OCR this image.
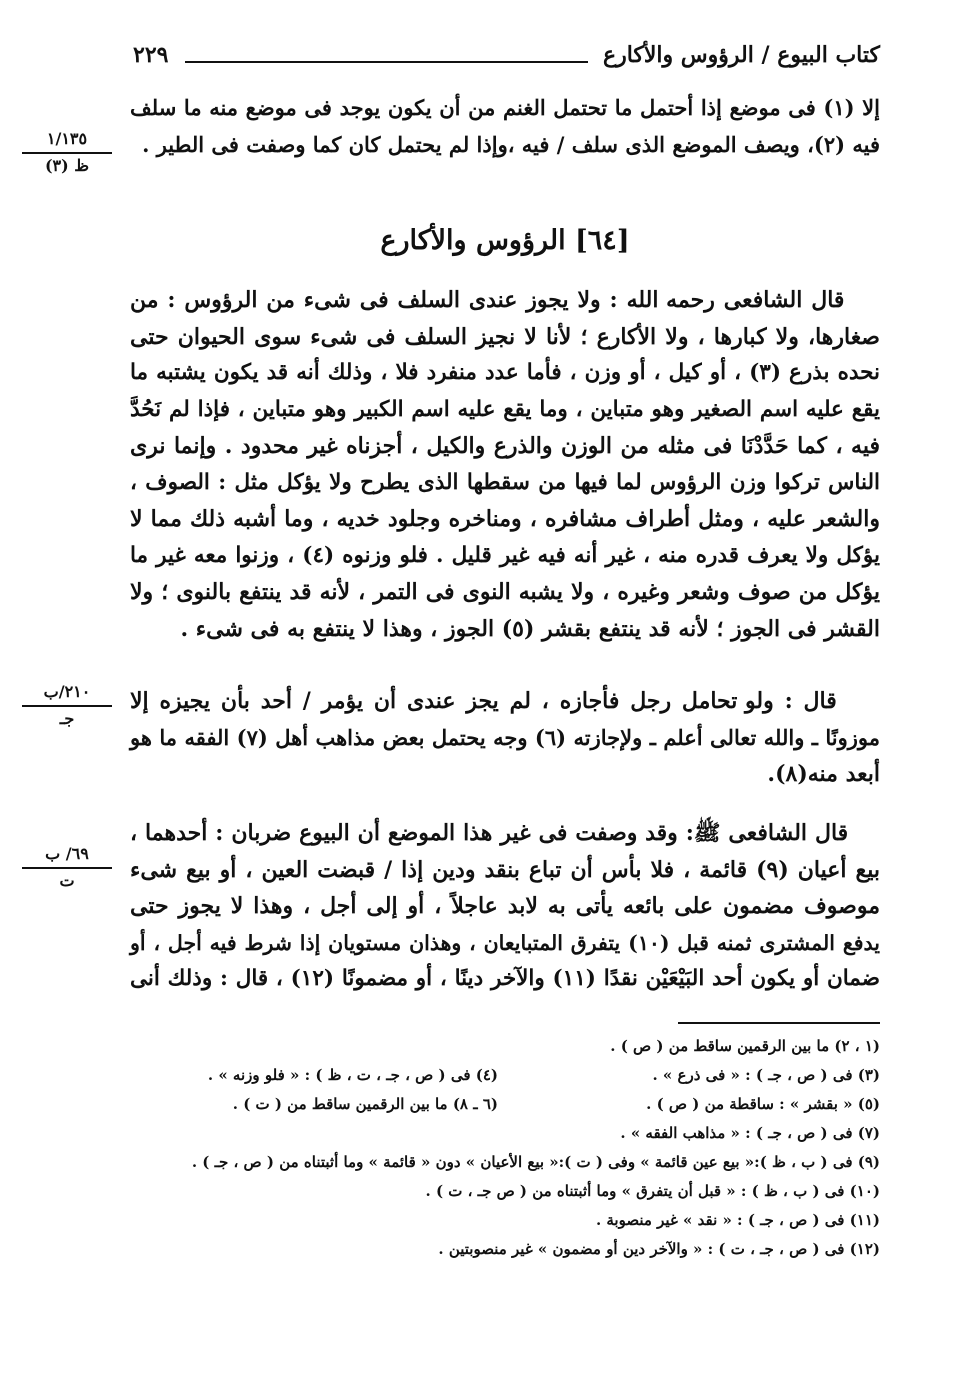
كتاب البيوع / الرؤوس والأكارع
٢٢٩
١/١٣٥
ظ (٣)
٢١٠/ب
جـ
٦٩/ ب
ت
إلا (١) فى موضع إذا أحتمل ما تحتمل الغنم من أن يكون يوجد فى موضع منه ما سلف
فيه (٢)، ويصف الموضع الذى سلف / فيه ،وإذا لم يحتمل كان كما وصفت فى الطير .
[٦٤] الرؤوس والأكارع
قال الشافعى رحمه الله : ولا يجوز عندى السلف فى شىء من الرؤوس : من
صغارها، ولا كبارها ، ولا الأكارع ؛ لأنا لا نجيز السلف فى شىء سوى الحيوان حتى
نحده بذرع (٣) ، أو كيل ، أو وزن ، فأما عدد منفرد فلا ، وذلك أنه قد يكون يشتبه ما
يقع عليه اسم الصغير وهو متباين ، وما يقع عليه اسم الكبير وهو متباين ، فإذا لم نَحُدَّ
فيه ، كما حَدَّدْنَا فى مثله من الوزن والذرع والكيل ، أجزناه غير محدود . وإنما نرى
الناس تركوا وزن الرؤوس لما فيها من سقطها الذى يطرح ولا يؤكل مثل : الصوف ،
والشعر عليه ، ومثل أطراف مشافره ، ومناخره وجلود خديه ، وما أشبه ذلك مما لا
يؤكل ولا يعرف قدره منه ، غير أنه فيه غير قليل . فلو وزنوه (٤) ، وزنوا معه غير ما
يؤكل من صوف وشعر وغيره ، ولا يشبه النوى فى التمر ، لأنه قد ينتفع بالنوى ؛ ولا
القشر فى الجوز ؛ لأنه قد ينتفع بقشر (٥) الجوز ، وهذا لا ينتفع به فى شىء .
قال : ولو تحامل رجل فأجازه ، لم يجز عندى أن يؤمر / أحد بأن يجيزه إلا
موزونًا ـ والله تعالى أعلم ـ ولإجازته (٦) وجه يحتمل بعض مذاهب أهل (٧) الفقه ما هو
أبعد منه(٨).
قال الشافعى ﷺ: وقد وصفت فى غير هذا الموضع أن البيوع ضربان : أحدهما ،
بيع أعيان (٩) قائمة ، فلا بأس أن تباع بنقد ودين إذا / قبضت العين ، أو بيع شىء
موصوف مضمون على بائعه يأتى به لابد عاجلاً ، أو إلى أجل ، وهذا لا يجوز حتى
يدفع المشترى ثمنه قبل (١٠) يتفرق المتبايعان ، وهذان مستويان إذا شرط فيه أجل ، أو
ضمان أو يكون أحد البَيْعَيْن نقدًا (١١) والآخر دينًا ، أو مضمونًا (١٢) ، قال : وذلك أنى
(١ ، ٢) ما بين الرقمين ساقط من ( ص ) .
(٣) فى ( ص ، جـ ) : « فى ذرع » .
(٤) فى ( ص ، جـ ، ت ، ظ ) : « فلو وزنه » .
(٥) « بقشر » : ساقطة من ( ص ) .
(٦ ـ ٨) ما بين الرقمين ساقط من ( ت ) .
(٧) فى ( ص ، جـ ) : « مذاهب الفقه » .
(٩) فى ( ب ، ظ ):« بيع عين قائمة » وفى ( ت ):« بيع الأعيان » دون « قائمة » وما أثبتناه من ( ص ، جـ ) .
(١٠) فى ( ب ، ظ ) : « قبل أن يتفرق » وما أثبتناه من ( ص جـ ، ت ) .
(١١) فى ( ص ، جـ ) : « نقد » غير منصوبة .
(١٢) فى ( ص ، جـ ، ت ) : « والآخر دين أو مضمون » غير منصوبتين .
